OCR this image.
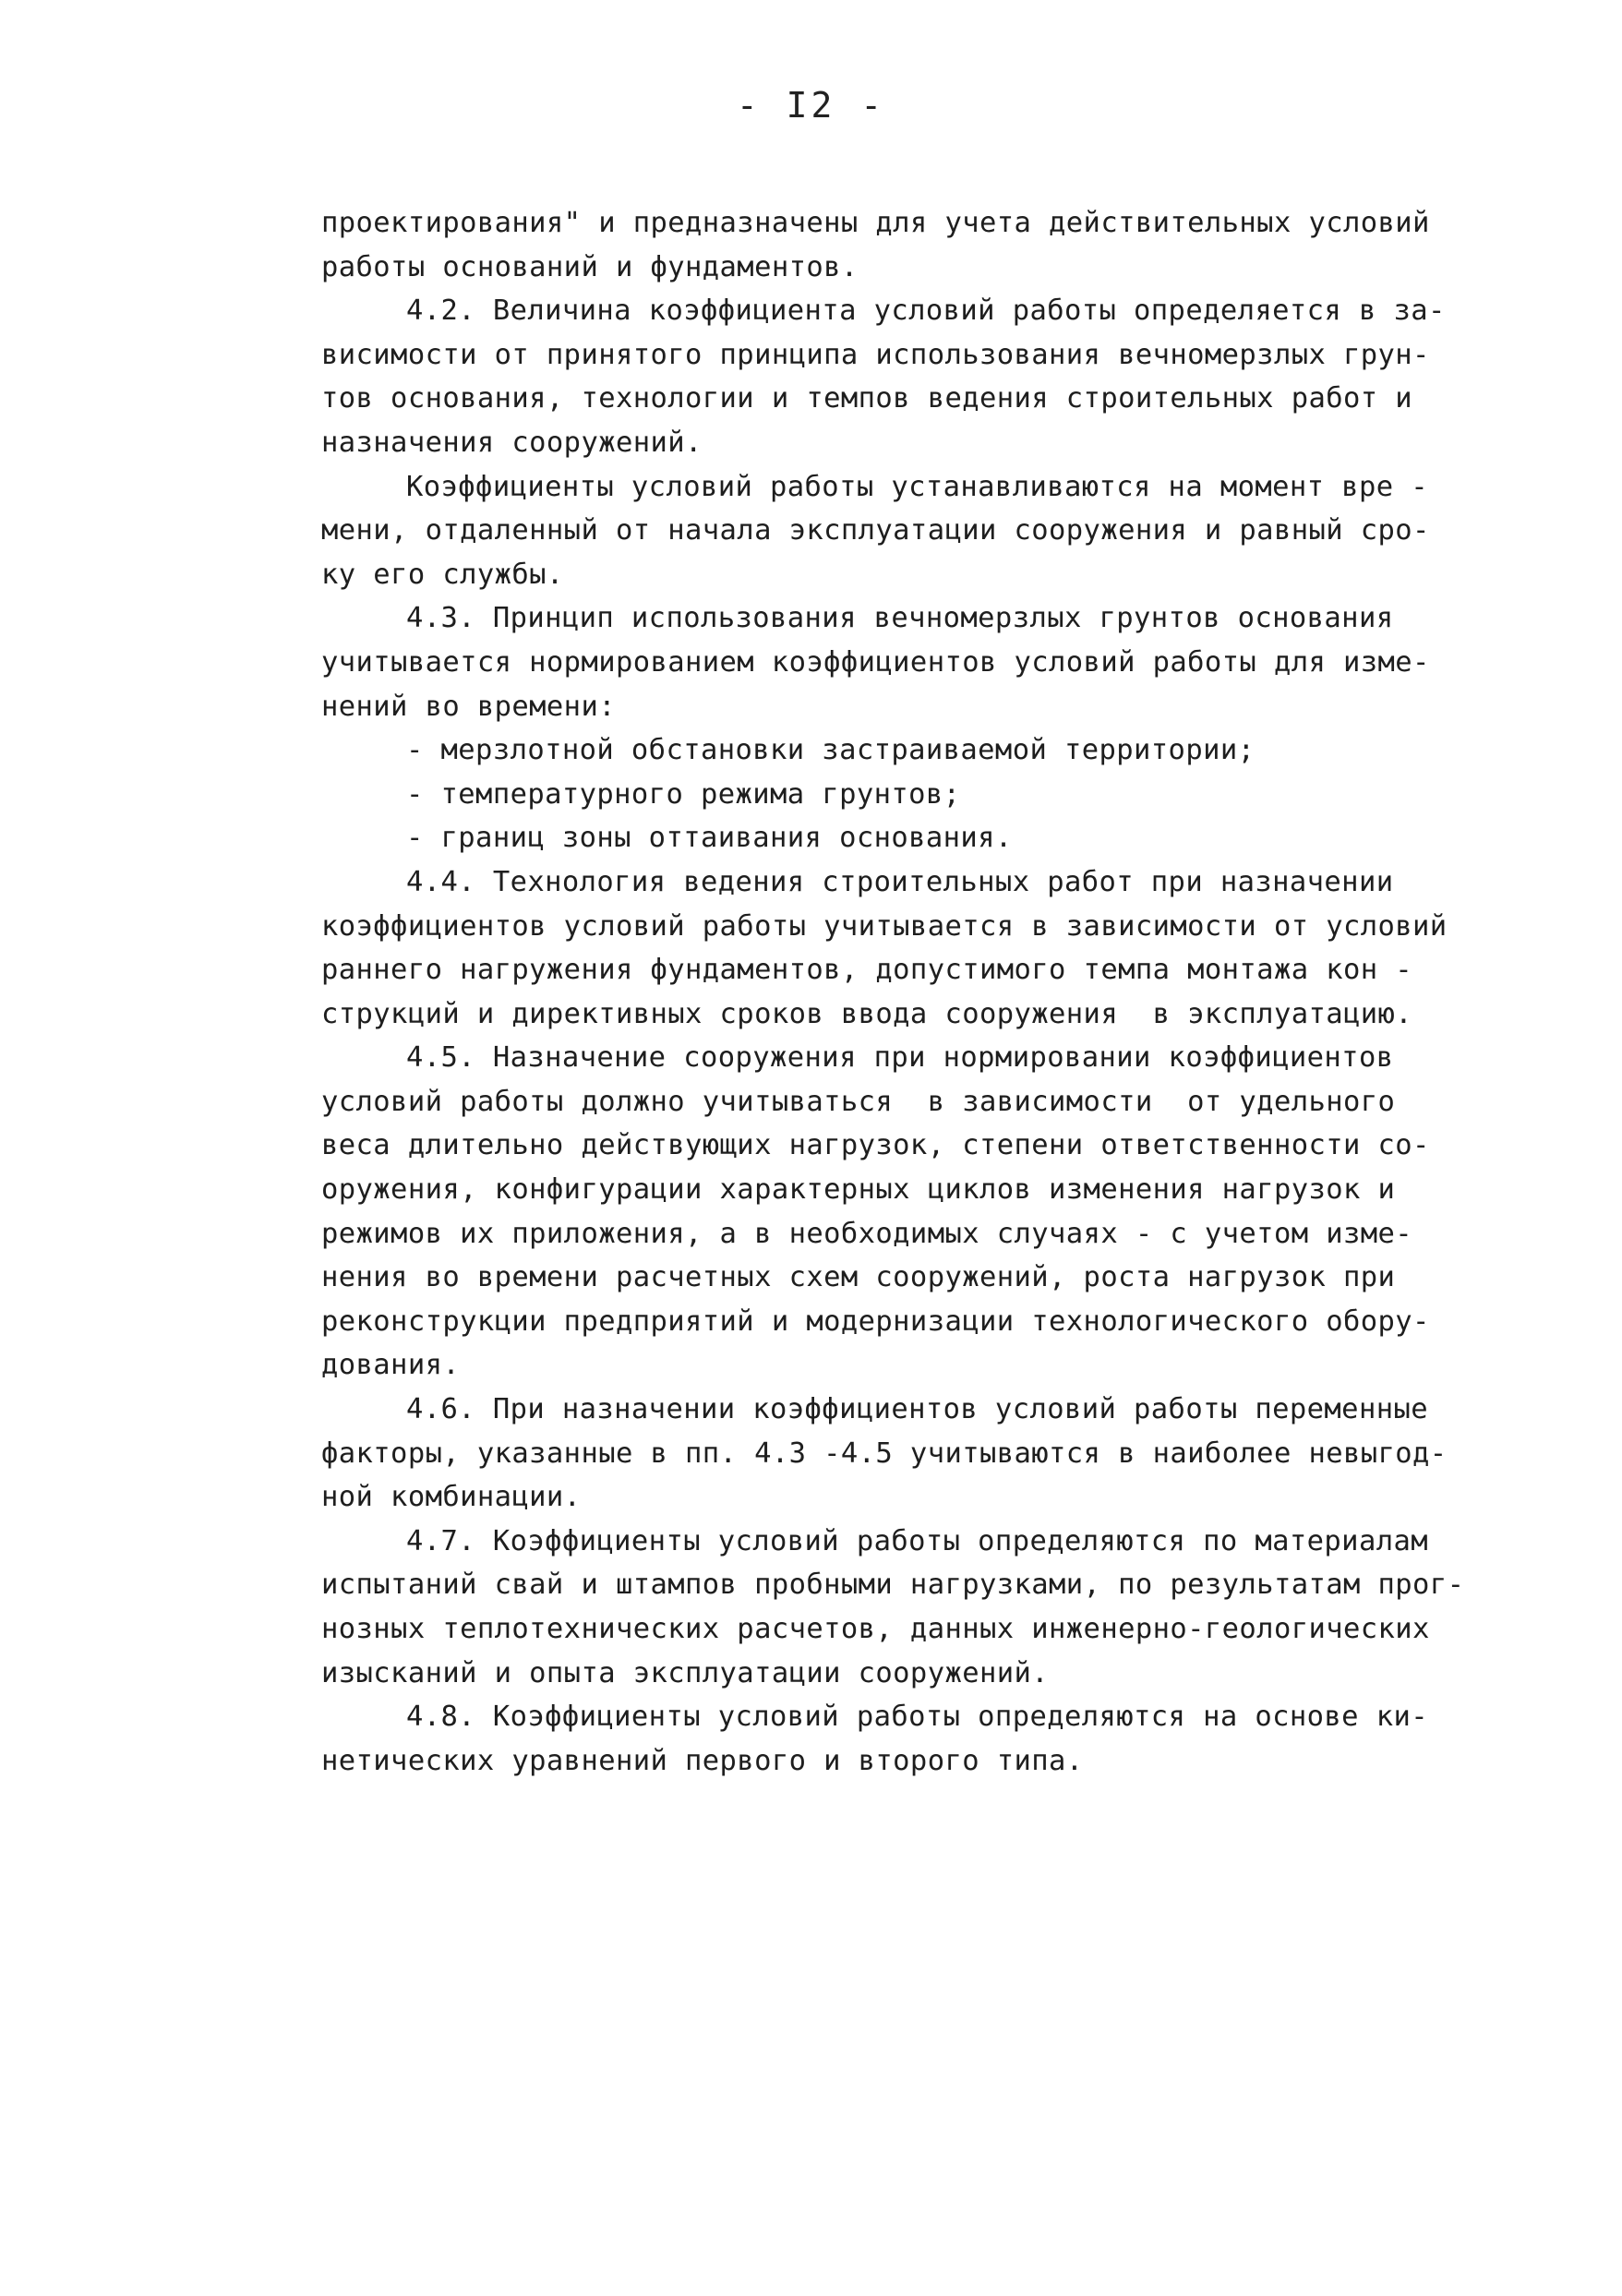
- I2 -
проектирования" и предназначены для учета действительных условий
работы оснований и фундаментов.
4.2. Величина коэффициента условий работы определяется в за-
висимости от принятого принципа использования вечномерзлых грун-
тов основания, технологии и темпов ведения строительных работ и
назначения сооружений.
Коэффициенты условий работы устанавливаются на момент вре -
мени, отдаленный от начала эксплуатации сооружения и равный сро-
ку его службы.
4.3. Принцип использования вечномерзлых грунтов основания
учитывается нормированием коэффициентов условий работы для изме-
нений во времени:
- мерзлотной обстановки застраиваемой территории;
- температурного режима грунтов;
- границ зоны оттаивания основания.
4.4. Технология ведения строительных работ при назначении
коэффициентов условий работы учитывается в зависимости от условий
раннего нагружения фундаментов, допустимого темпа монтажа кон -
струкций и директивных сроков ввода сооружения  в эксплуатацию.
4.5. Назначение сооружения при нормировании коэффициентов
условий работы должно учитываться  в зависимости  от удельного
веса длительно действующих нагрузок, степени ответственности со-
оружения, конфигурации характерных циклов изменения нагрузок и
режимов их приложения, а в необходимых случаях - с учетом изме-
нения во времени расчетных схем сооружений, роста нагрузок при
реконструкции предприятий и модернизации технологического обору-
дования.
4.6. При назначении коэффициентов условий работы переменные
факторы, указанные в пп. 4.3 -4.5 учитываются в наиболее невыгод-
ной комбинации.
4.7. Коэффициенты условий работы определяются по материалам
испытаний свай и штампов пробными нагрузками, по результатам прог-
нозных теплотехнических расчетов, данных инженерно-геологических
изысканий и опыта эксплуатации сооружений.
4.8. Коэффициенты условий работы определяются на основе ки-
нетических уравнений первого и второго типа.
